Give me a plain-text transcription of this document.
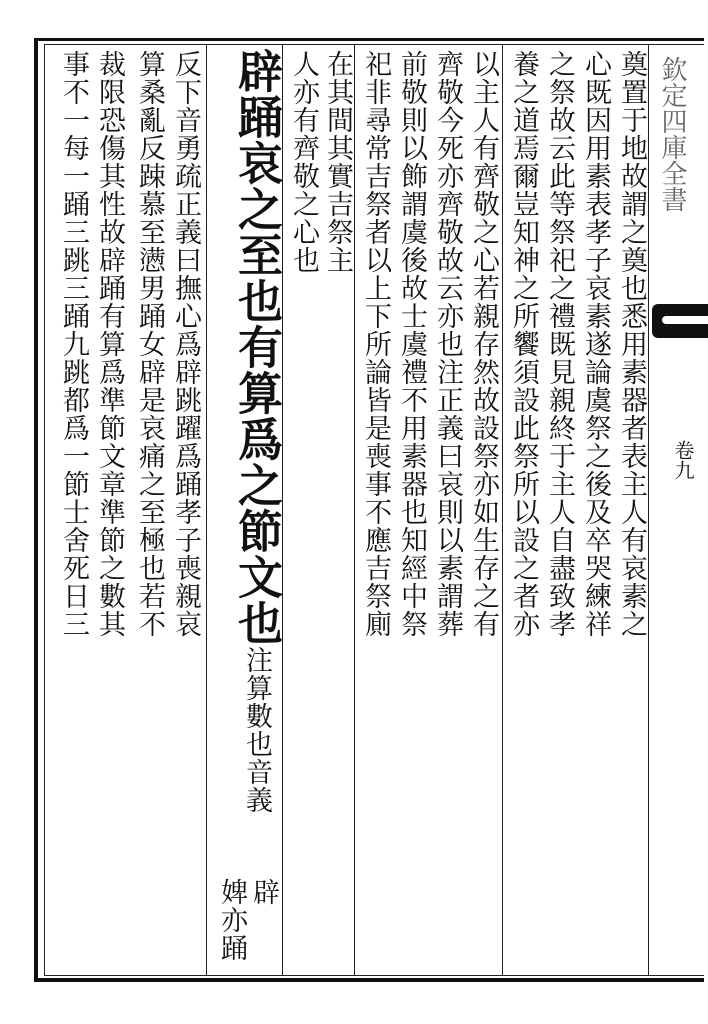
欽定四庫全書
卷九
奠置于地故謂之奠也悉用素器者表主人有哀素之
心既因用素表孝子哀素遂論虞祭之後及卒哭練祥
之祭故云此等祭祀之禮既見親終于主人自盡致孝
養之道焉爾豈知神之所饗須設此祭所以設之者亦
以主人有齊敬之心若親存然故設祭亦如生存之有
齊敬今死亦齊敬故云亦也注正義曰哀則以素謂葬
前敬則以飾謂虞後故士虞禮不用素器也知經中祭
祀非尋常吉祭者以上下所論皆是喪事不應吉祭廁
在其間其實吉祭主
人亦有齊敬之心也
辟踊哀之至也有算爲之節文也注算數也音義
辟
婢亦踊
反下音勇疏正義曰撫心爲辟跳躍爲踊孝子喪親哀
算桑亂反踈慕至懑男踊女辟是哀痛之至極也若不
裁限恐傷其性故辟踊有算爲準節文章準節之數其
事不一每一踊三跳三踊九跳都爲一節士舍死日三
